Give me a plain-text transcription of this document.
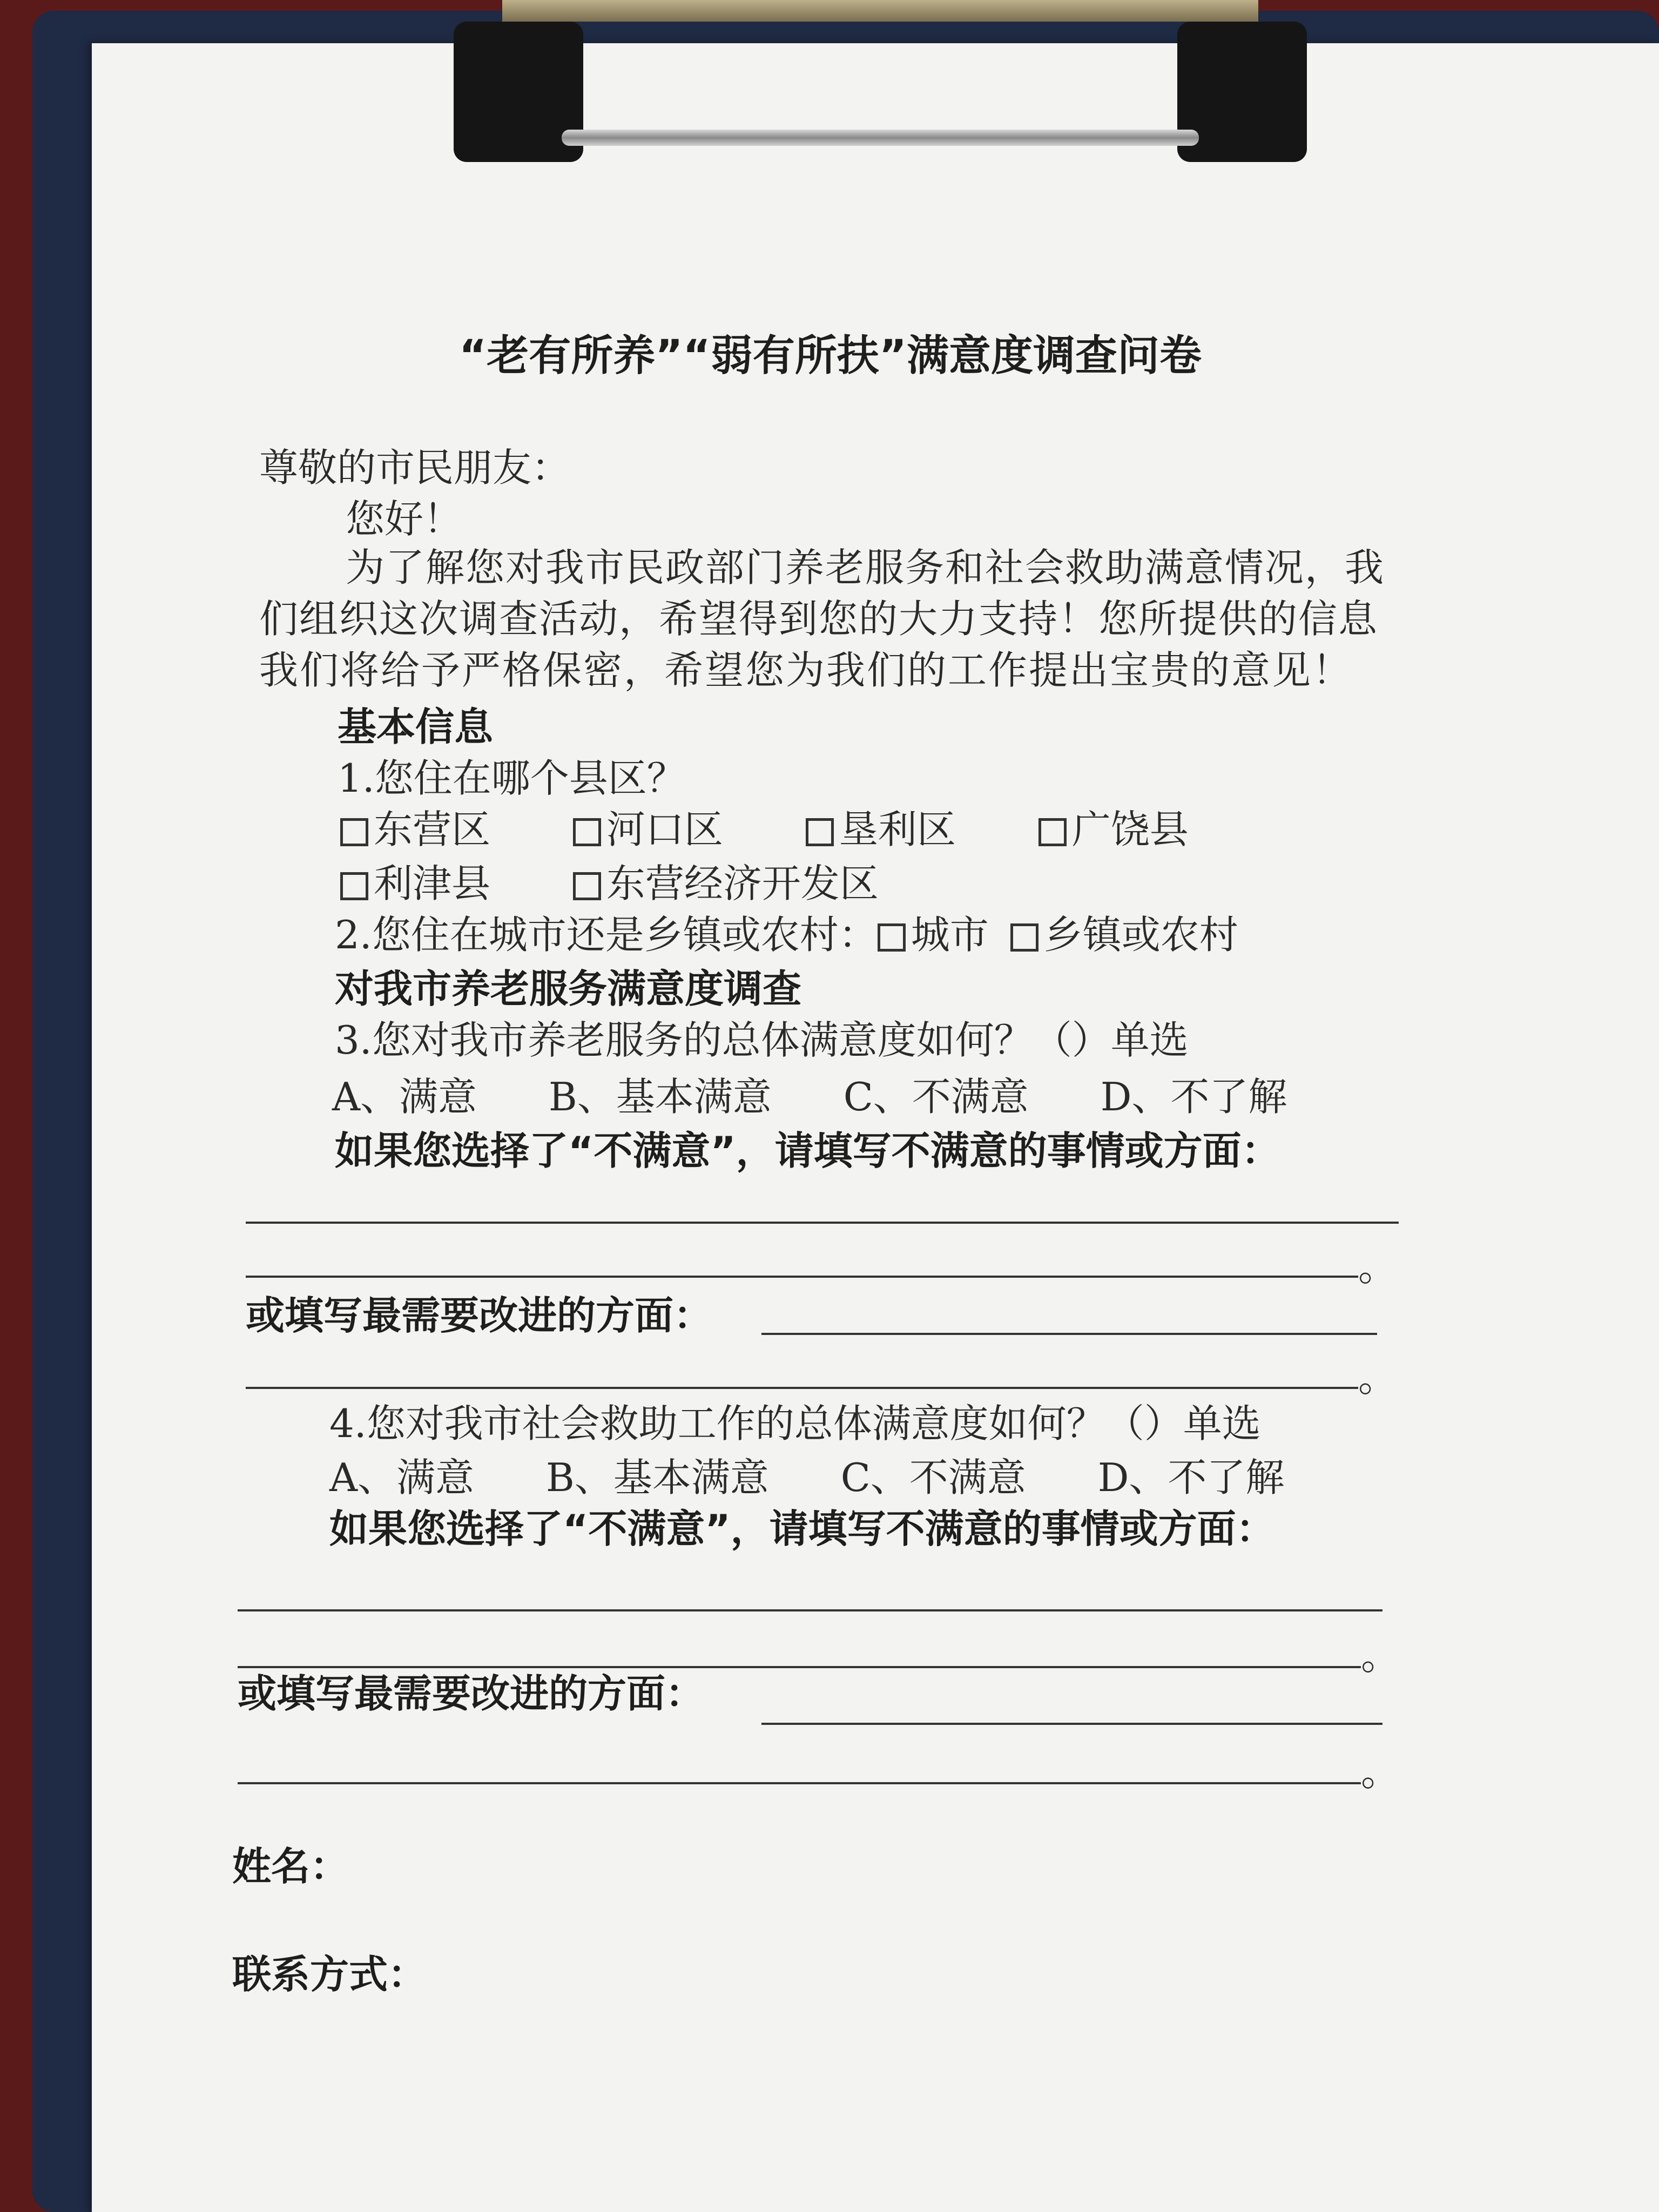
“老有所养”“弱有所扶”满意度调查问卷
尊敬的市民朋友：
您好！
为了解您对我市民政部门养老服务和社会救助满意情况，我
们组织这次调查活动，希望得到您的大力支持！您所提供的信息
我们将给予严格保密，希望您为我们的工作提出宝贵的意见！
基本信息
1.您住在哪个县区？
东营区	河口区	垦利区	广饶县
利津县	东营经济开发区
2.您住在城市还是乡镇或农村： 城市 乡镇或农村
对我市养老服务满意度调查
3.您对我市养老服务的总体满意度如何？（）单选
A、满意 B、基本满意 C、不满意 D、不了解
如果您选择了“不满意”，请填写不满意的事情或方面：
。
或填写最需要改进的方面：
。
4.您对我市社会救助工作的总体满意度如何？（）单选
A、满意 B、基本满意 C、不满意 D、不了解
如果您选择了“不满意”，请填写不满意的事情或方面：
。
或填写最需要改进的方面：
。
姓名：
联系方式：
